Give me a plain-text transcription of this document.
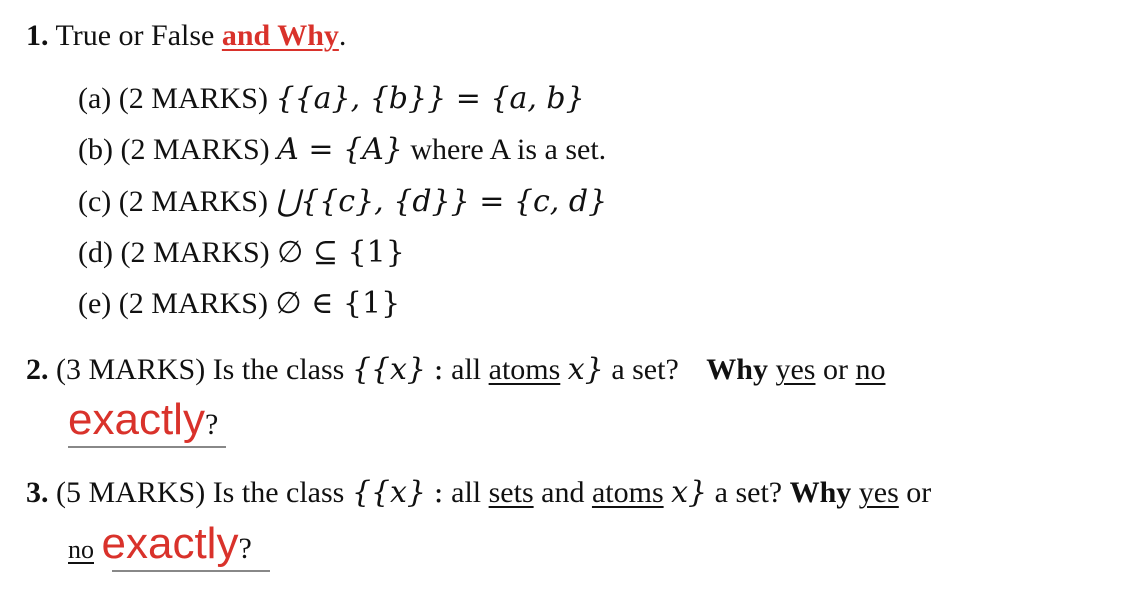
1. True or False and Why.
(a) (2 MARKS) {{a}, {b}} = {a, b}
(b) (2 MARKS) A = {A} where A is a set.
(c) (2 MARKS) ⋃{{c}, {d}} = {c, d}
(d) (2 MARKS) ∅ ⊆ {1}
(e) (2 MARKS) ∅ ∈ {1}
2. (3 MARKS) Is the class {{x} : all atoms x} a set? Why yes or no
exactly?
3. (5 MARKS) Is the class {{x} : all sets and atoms x} a set? Why yes or
no exactly?
